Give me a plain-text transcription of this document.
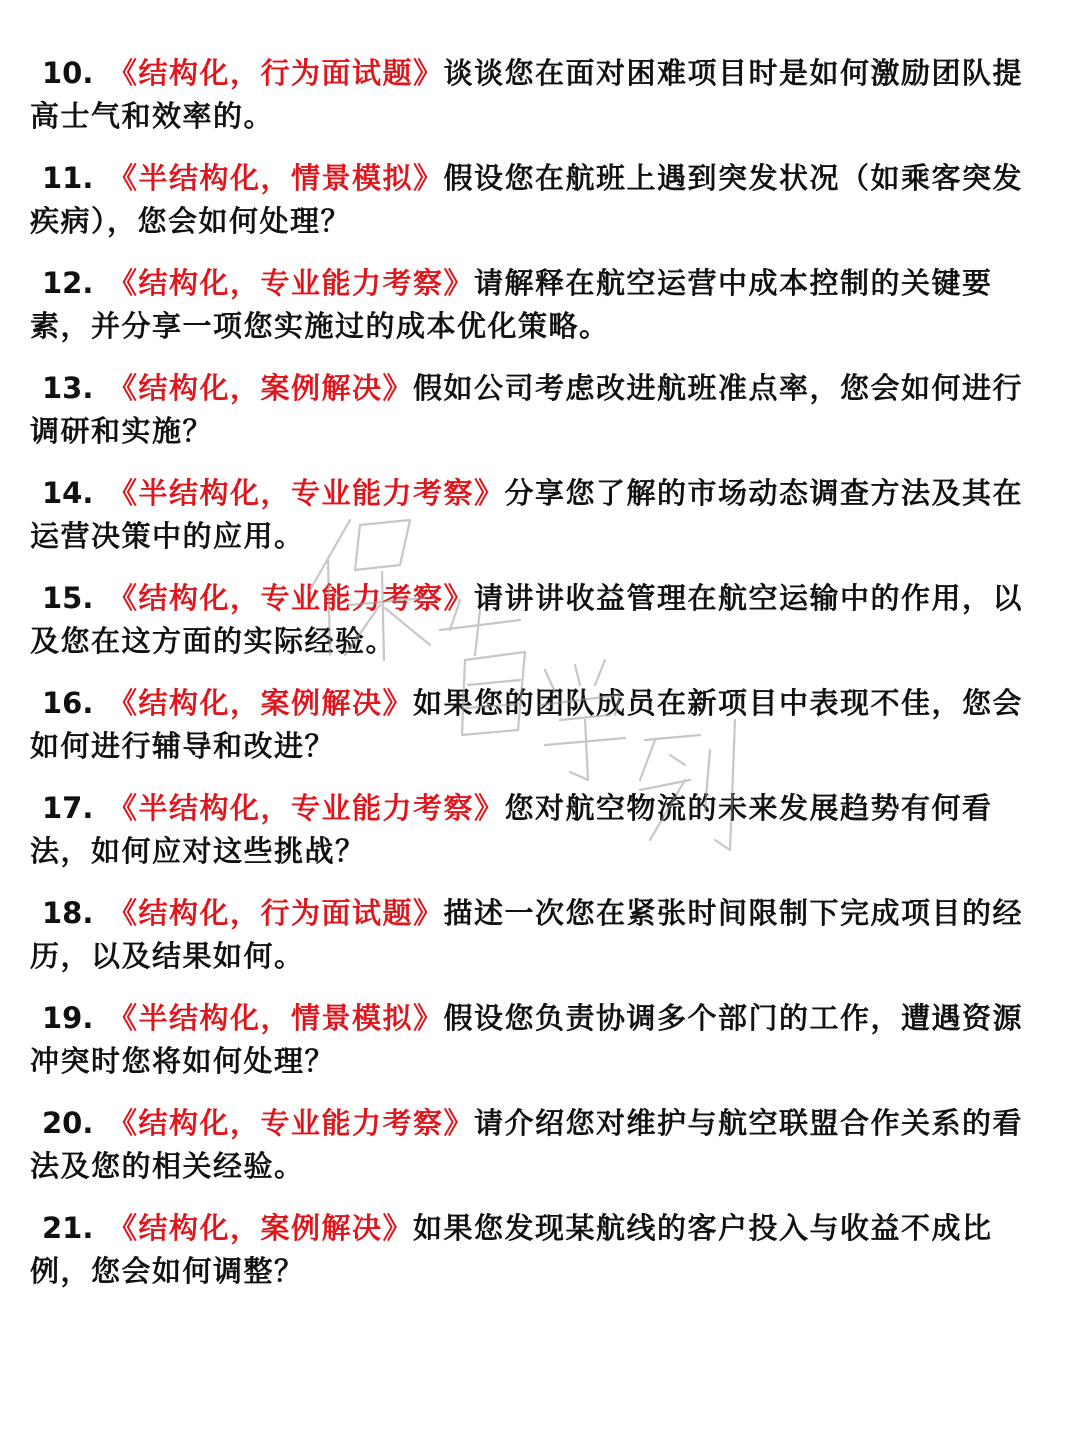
10. 《结构化，行为面试题》谈谈您在面对困难项目时是如何激励团队提高士气和效率的。
11. 《半结构化，情景模拟》假设您在航班上遇到突发状况（如乘客突发疾病），您会如何处理？
12. 《结构化，专业能力考察》请解释在航空运营中成本控制的关键要素，并分享一项您实施过的成本优化策略。
13. 《结构化，案例解决》假如公司考虑改进航班准点率，您会如何进行调研和实施？
14. 《半结构化，专业能力考察》分享您了解的市场动态调查方法及其在运营决策中的应用。
15. 《结构化，专业能力考察》请讲讲收益管理在航空运输中的作用，以及您在这方面的实际经验。
16. 《结构化，案例解决》如果您的团队成员在新项目中表现不佳，您会如何进行辅导和改进？
17. 《半结构化，专业能力考察》您对航空物流的未来发展趋势有何看法，如何应对这些挑战？
18. 《结构化，行为面试题》描述一次您在紧张时间限制下完成项目的经历，以及结果如何。
19. 《半结构化，情景模拟》假设您负责协调多个部门的工作，遭遇资源冲突时您将如何处理？
20. 《结构化，专业能力考察》请介绍您对维护与航空联盟合作关系的看法及您的相关经验。
21. 《结构化，案例解决》如果您发现某航线的客户投入与收益不成比例，您会如何调整？
